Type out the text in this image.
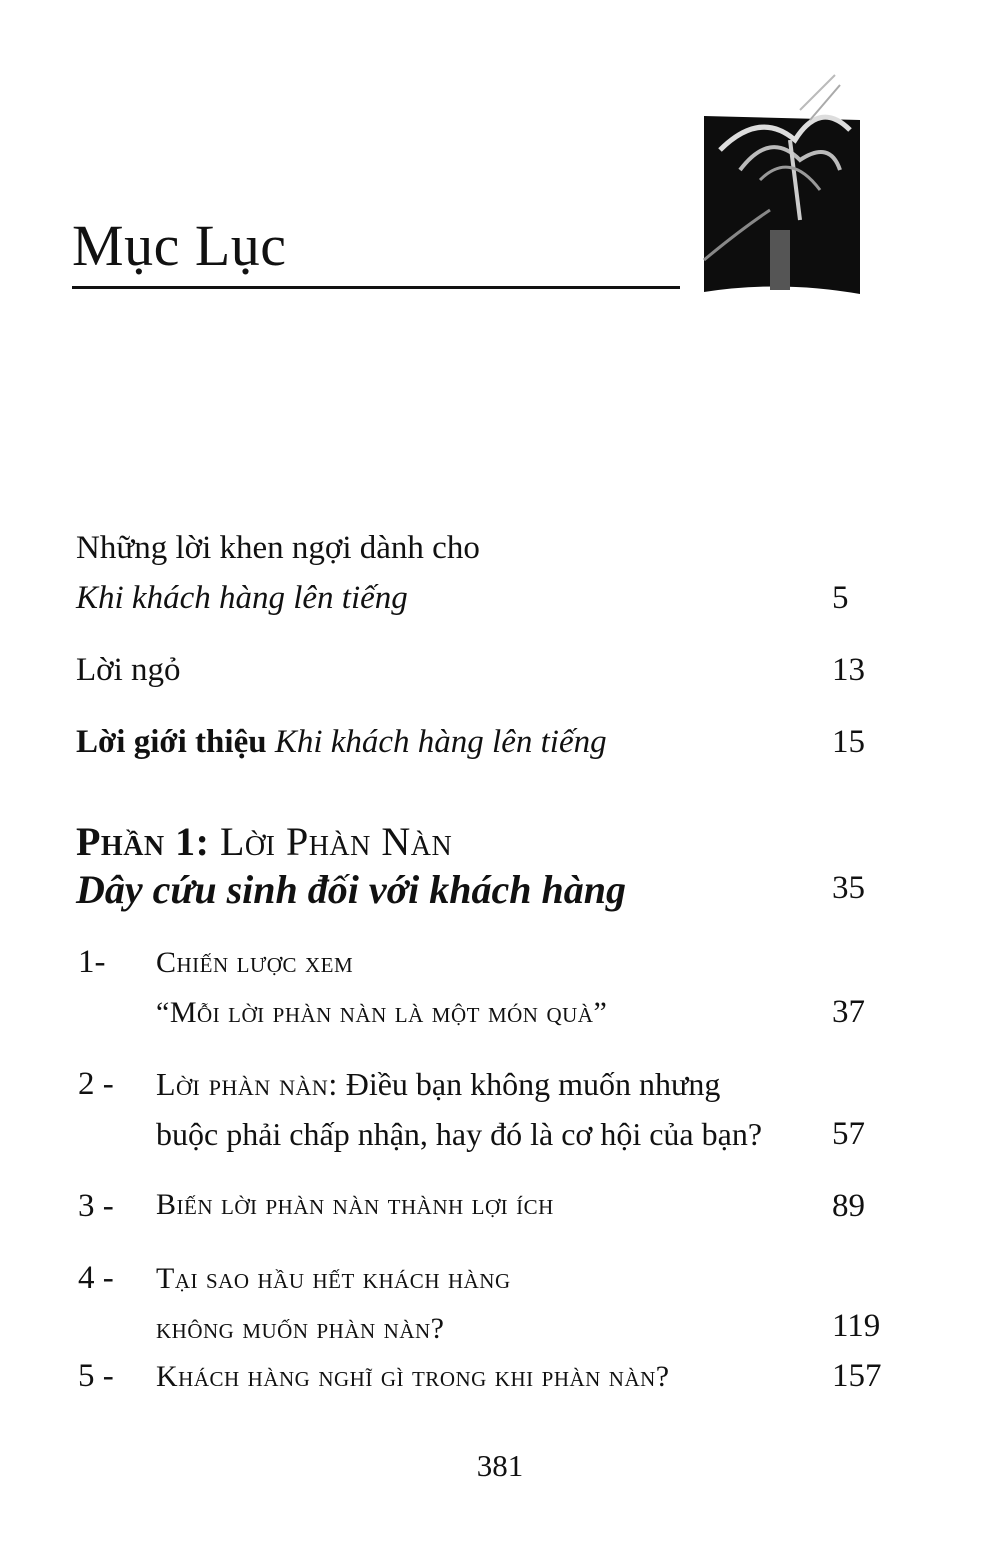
Mục Lục
Những lời khen ngợi dành cho
Khi khách hàng lên tiếng	5
Lời ngỏ	13
Lời giới thiệu Khi khách hàng lên tiếng	15
Phần 1: Lời Phàn Nàn
Dây cứu sinh đối với khách hàng	35
1- Chiến lược xem
“Mỗi lời phàn nàn là một món quà”	37
2 - Lời phàn nàn: Điều bạn không muốn nhưng
buộc phải chấp nhận, hay đó là cơ hội của bạn? 57
3 - Biến lời phàn nàn thành lợi ích	89
4 - Tại sao hầu hết khách hàng
không muốn phàn nàn?	119
5 - Khách hàng nghĩ gì trong khi phàn nàn?	157
381
